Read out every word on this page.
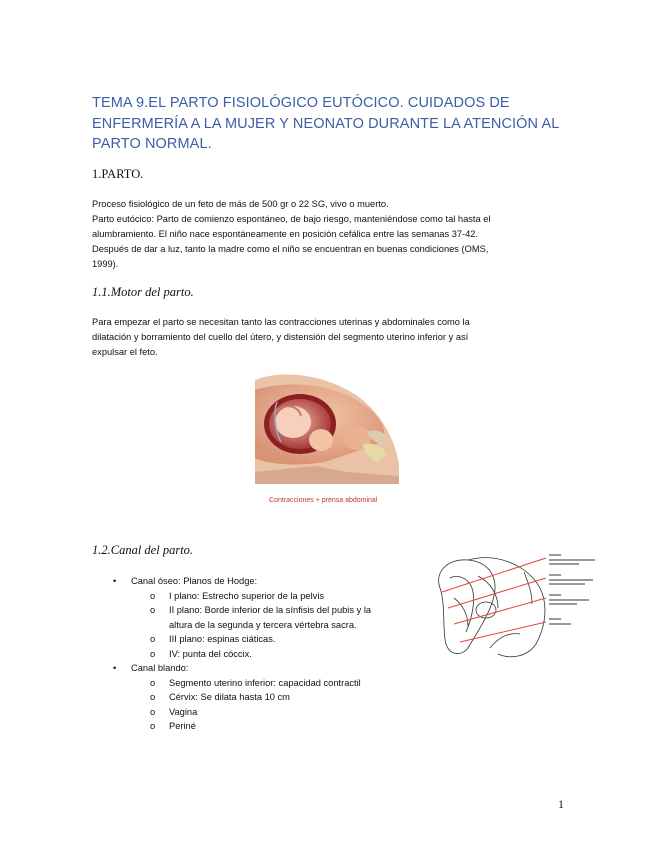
TEMA 9.EL PARTO FISIOLÓGICO EUTÓCICO. CUIDADOS DE ENFERMERÍA A LA MUJER Y NEONATO DURANTE LA ATENCIÓN AL PARTO NORMAL.
1.PARTO.
Proceso fisiológico de un feto de más de 500 gr o 22 SG, vivo o muerto.
Parto eutócico: Parto de comienzo espontáneo, de bajo riesgo, manteniéndose como tal hasta el
alumbramiento. El niño nace espontáneamente en posición cefálica entre las semanas 37-42.
Después de dar a luz, tanto la madre como el niño se encuentran en buenas condiciones (OMS,
1999).
1.1.Motor del parto.
Para empezar el parto se necesitan tanto las contracciones uterinas y abdominales como la
dilatación y borramiento del cuello del útero, y distensión del segmento uterino inferior y así
expulsar el feto.
Contracciones + prensa abdominal
1.2.Canal del parto.
• Canal óseo: Planos de Hodge:
o I plano: Estrecho superior de la pelvis
o II plano: Borde inferior de la sínfisis del pubis y la
altura de la segunda y tercera vértebra sacra.
o III plano: espinas ciáticas.
o IV: punta del cóccix.
• Canal blando:
o Segmento uterino inferior: capacidad contractil
o Cérvix: Se dilata hasta 10 cm
o Vagina
o Periné
1
